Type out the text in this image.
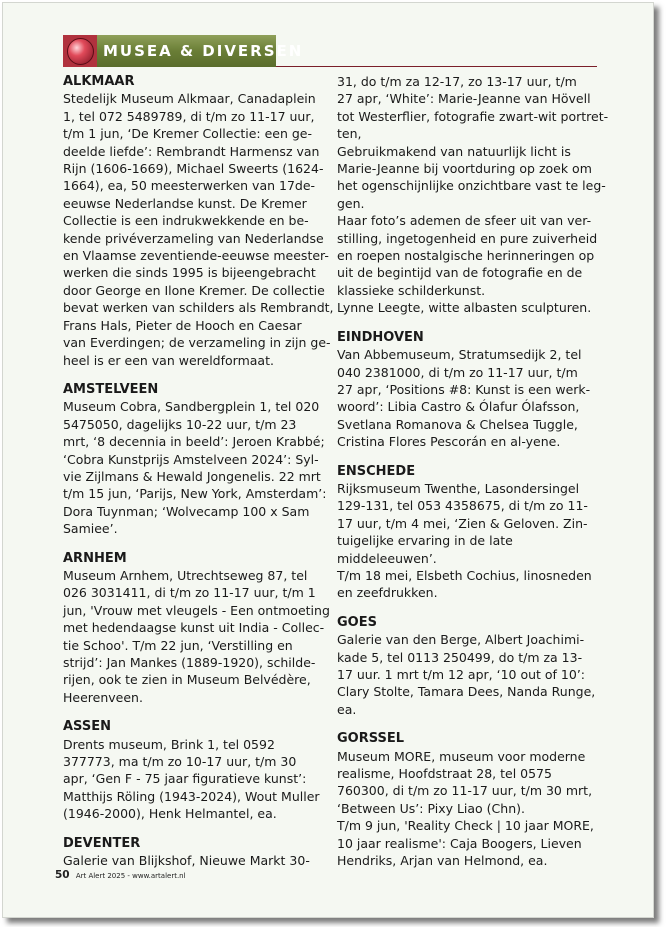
MUSEA & DIVERSEN
ALKMAAR
Stedelijk Museum Alkmaar, Canadaplein
1, tel 072 5489789, di t/m zo 11-17 uur,
t/m 1 jun, ‘De Kremer Collectie: een ge-
deelde liefde’: Rembrandt Harmensz van
Rijn (1606-1669), Michael Sweerts (1624-
1664), ea, 50 meesterwerken van 17de-
eeuwse Nederlandse kunst. De Kremer
Collectie is een indrukwekkende en be-
kende privéverzameling van Nederlandse
en Vlaamse zeventiende-eeuwse meester-
werken die sinds 1995 is bijeengebracht
door George en Ilone Kremer. De collectie
bevat werken van schilders als Rembrandt,
Frans Hals, Pieter de Hooch en Caesar
van Everdingen; de verzameling in zijn ge-
heel is er een van wereldformaat.
AMSTELVEEN
Museum Cobra, Sandbergplein 1, tel 020
5475050, dagelijks 10-22 uur, t/m 23
mrt, ‘8 decennia in beeld’: Jeroen Krabbé;
‘Cobra Kunstprijs Amstelveen 2024’: Syl-
vie Zijlmans & Hewald Jongenelis. 22 mrt
t/m 15 jun, ‘Parijs, New York, Amsterdam’:
Dora Tuynman; ‘Wolvecamp 100 x Sam
Samiee’.
ARNHEM
Museum Arnhem, Utrechtseweg 87, tel
026 3031411, di t/m zo 11-17 uur, t/m 1
jun, 'Vrouw met vleugels - Een ontmoeting
met hedendaagse kunst uit India - Collec-
tie Schoo'. T/m 22 jun, ‘Verstilling en
strijd’: Jan Mankes (1889-1920), schilde-
rijen, ook te zien in Museum Belvédère,
Heerenveen.
ASSEN
Drents museum, Brink 1, tel 0592
377773, ma t/m zo 10-17 uur, t/m 30
apr, ‘Gen F - 75 jaar figuratieve kunst’:
Matthijs Röling (1943-2024), Wout Muller
(1946-2000), Henk Helmantel, ea.
DEVENTER
Galerie van Blijkshof, Nieuwe Markt 30-
31, do t/m za 12-17, zo 13-17 uur, t/m
27 apr, ‘White’: Marie-Jeanne van Hövell
tot Westerflier, fotografie zwart-wit portret-
ten,
Gebruikmakend van natuurlijk licht is
Marie-Jeanne bij voortduring op zoek om
het ogenschijnlijke onzichtbare vast te leg-
gen.
Haar foto’s ademen de sfeer uit van ver-
stilling, ingetogenheid en pure zuiverheid
en roepen nostalgische herinneringen op
uit de begintijd van de fotografie en de
klassieke schilderkunst.
Lynne Leegte, witte albasten sculpturen.
EINDHOVEN
Van Abbemuseum, Stratumsedijk 2, tel
040 2381000, di t/m zo 11-17 uur, t/m
27 apr, ‘Positions #8: Kunst is een werk-
woord’: Libia Castro & Ólafur Ólafsson,
Svetlana Romanova & Chelsea Tuggle,
Cristina Flores Pescorán en al-yene.
ENSCHEDE
Rijksmuseum Twenthe, Lasondersingel
129-131, tel 053 4358675, di t/m zo 11-
17 uur, t/m 4 mei, ‘Zien & Geloven. Zin-
tuigelijke ervaring in de late
middeleeuwen’.
T/m 18 mei, Elsbeth Cochius, linosneden
en zeefdrukken.
GOES
Galerie van den Berge, Albert Joachimi-
kade 5, tel 0113 250499, do t/m za 13-
17 uur. 1 mrt t/m 12 apr, ‘10 out of 10’:
Clary Stolte, Tamara Dees, Nanda Runge,
ea.
GORSSEL
Museum MORE, museum voor moderne
realisme, Hoofdstraat 28, tel 0575
760300, di t/m zo 11-17 uur, t/m 30 mrt,
‘Between Us’: Pixy Liao (Chn).
T/m 9 jun, 'Reality Check | 10 jaar MORE,
10 jaar realisme': Caja Boogers, Lieven
Hendriks, Arjan van Helmond, ea.
50 Art Alert 2025 - www.artalert.nl
